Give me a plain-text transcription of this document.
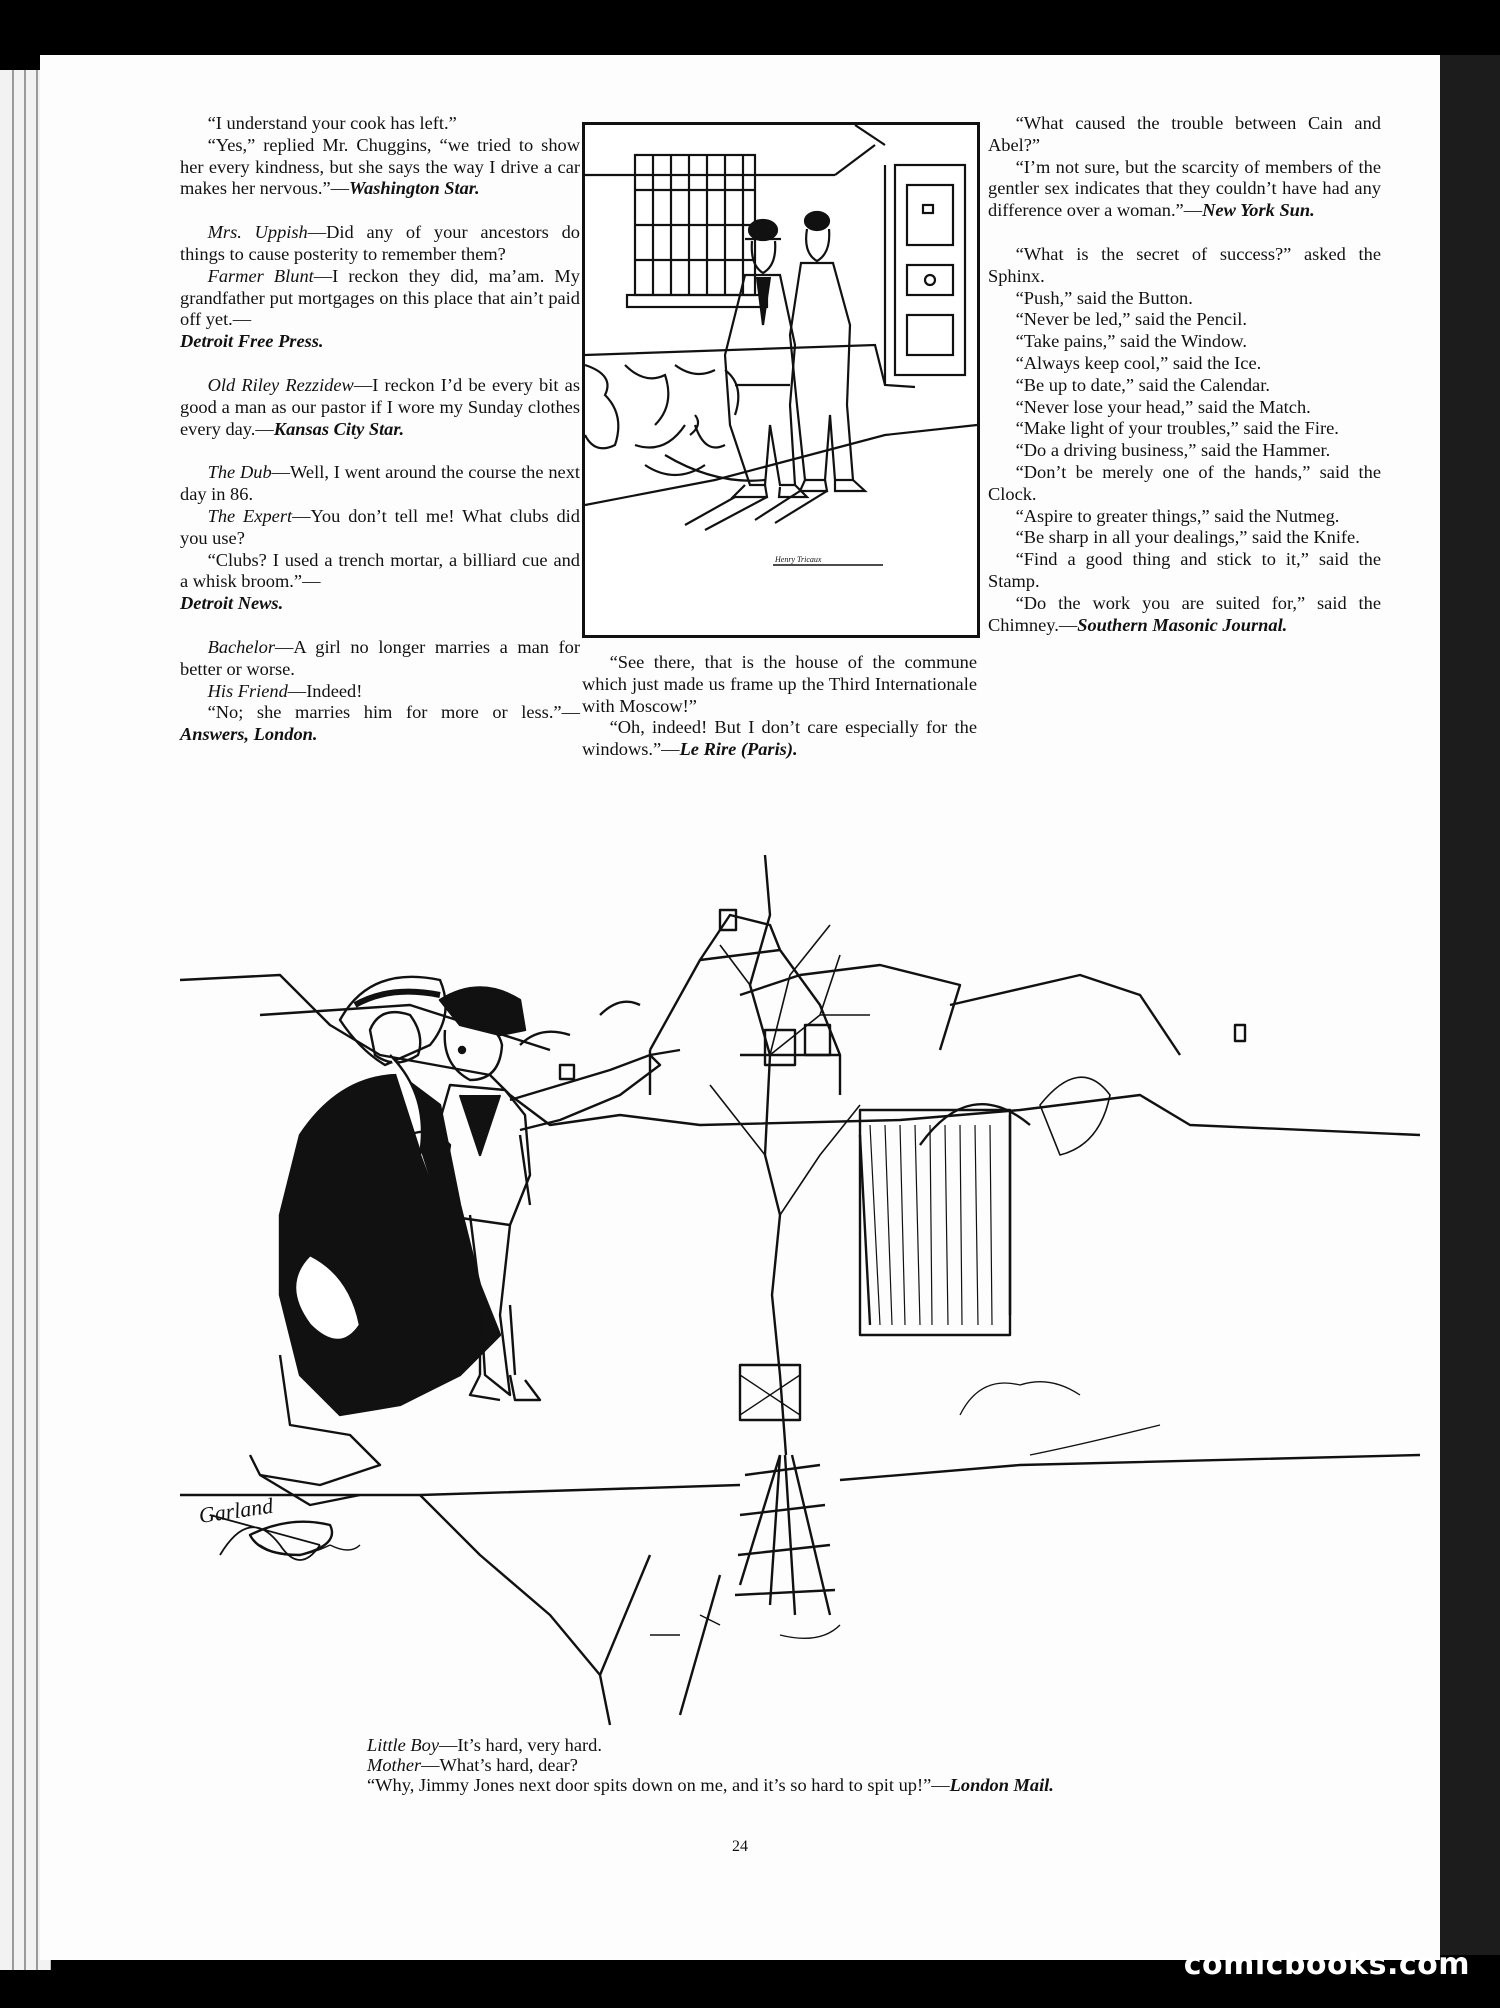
“I understand your cook has left.”

“Yes,” replied Mr. Chuggins, “we tried to show her every kindness, but she says the way I drive a car makes her nervous.”—Washington Star.

Mrs. Uppish—Did any of your ancestors do things to cause posterity to remember them?

Farmer Blunt—I reckon they did, ma’am. My grandfather put mortgages on this place that ain’t paid off yet.—
Detroit Free Press.

Old Riley Rezzidew—I reckon I’d be every bit as good a man as our pastor if I wore my Sunday clothes every day.—Kansas City Star.

The Dub—Well, I went around the course the next day in 86.

The Expert—You don’t tell me! What clubs did you use?

“Clubs? I used a trench mortar, a billiard cue and a whisk broom.”—
Detroit News.

Bachelor—A girl no longer marries a man for better or worse.

His Friend—Indeed!

“No; she marries him for more or less.”—Answers, London.

Henry Tricaux

“See there, that is the house of the commune which just made us frame up the Third Internationale with Moscow!”

“Oh, indeed! But I don’t care especially for the windows.”—Le Rire (Paris).

“What caused the trouble between Cain and Abel?”

“I’m not sure, but the scarcity of members of the gentler sex indicates that they couldn’t have had any difference over a woman.”—New York Sun.

“What is the secret of success?” asked the Sphinx.

“Push,” said the Button.

“Never be led,” said the Pencil.

“Take pains,” said the Window.

“Always keep cool,” said the Ice.

“Be up to date,” said the Calendar.

“Never lose your head,” said the Match.

“Make light of your troubles,” said the Fire.

“Do a driving business,” said the Hammer.

“Don’t be merely one of the hands,” said the Clock.

“Aspire to greater things,” said the Nutmeg.

“Be sharp in all your dealings,” said the Knife.

“Find a good thing and stick to it,” said the Stamp.

“Do the work you are suited for,” said the Chimney.—Southern Masonic Journal.

Garland
Little Boy—It’s hard, very hard.
Mother—What’s hard, dear?
“Why, Jimmy Jones next door spits down on me, and it’s so hard to spit up!”—London Mail.
24
comicbooks.com
